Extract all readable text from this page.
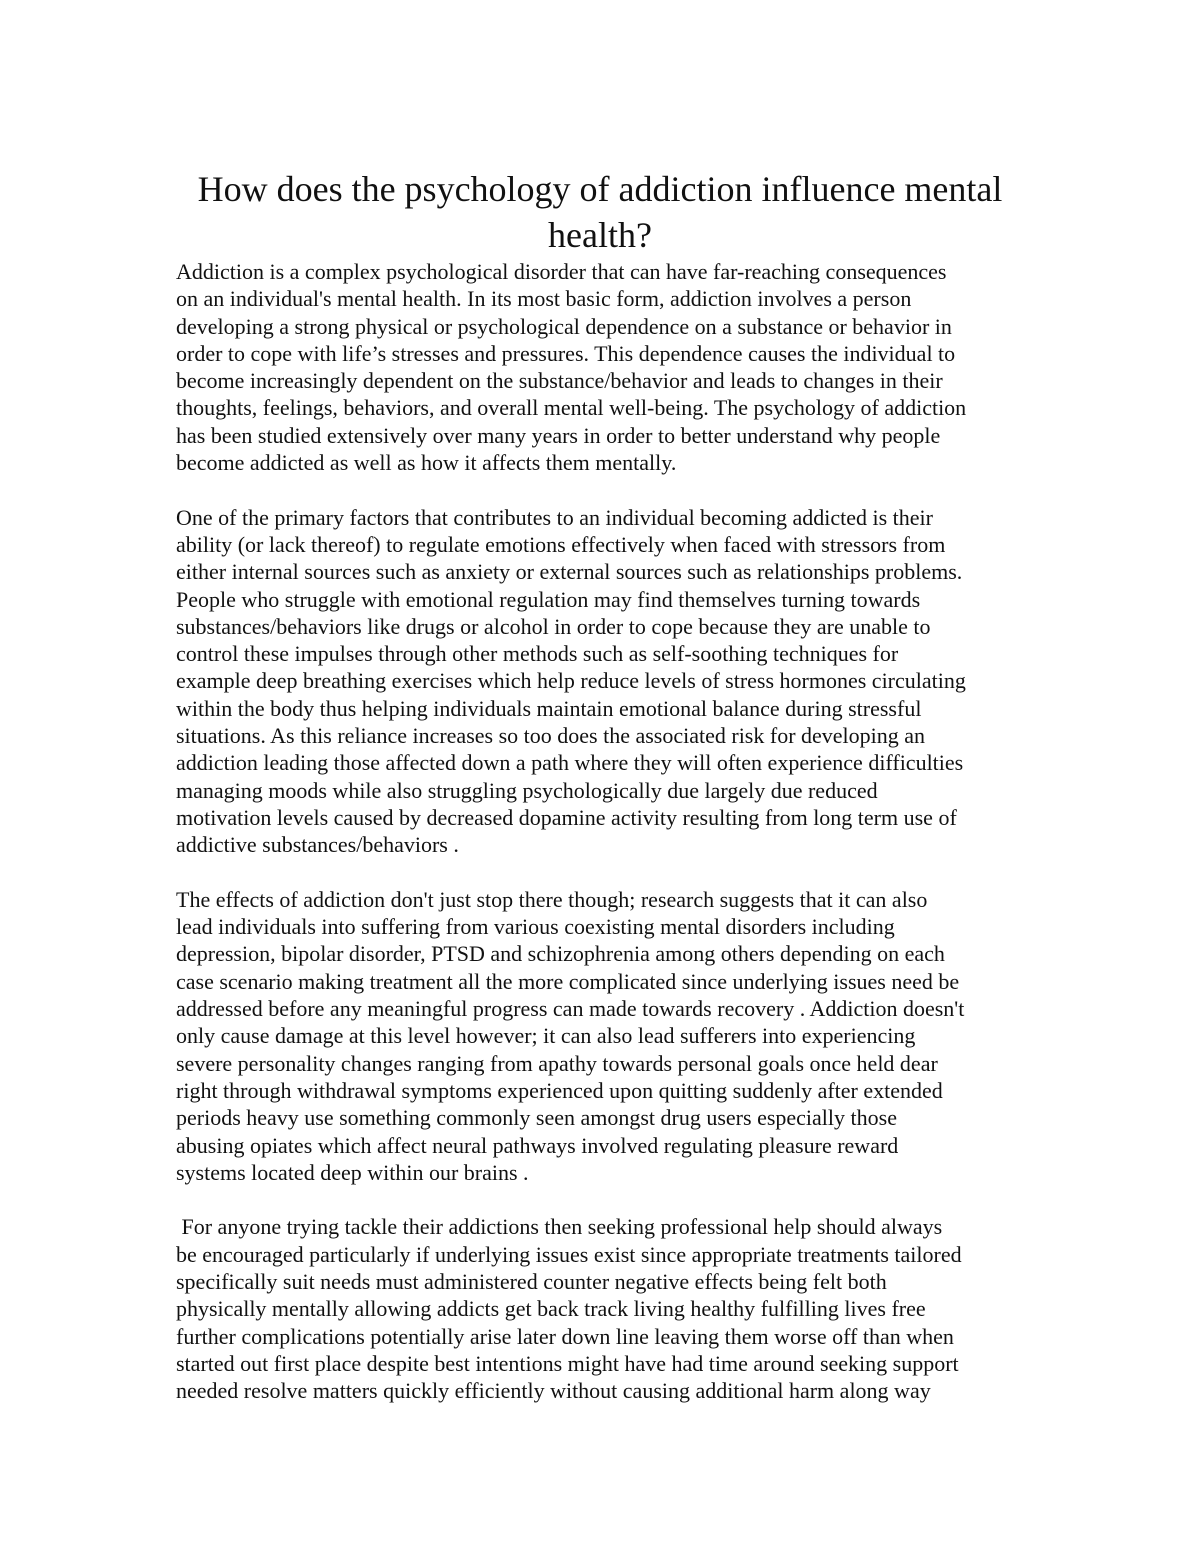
How does the psychology of addiction influence mental
health?
Addiction is a complex psychological disorder that can have far-reaching consequences
on an individual's mental health. In its most basic form, addiction involves a person
developing a strong physical or psychological dependence on a substance or behavior in
order to cope with life’s stresses and pressures. This dependence causes the individual to
become increasingly dependent on the substance/behavior and leads to changes in their
thoughts, feelings, behaviors, and overall mental well-being. The psychology of addiction
has been studied extensively over many years in order to better understand why people
become addicted as well as how it affects them mentally.
One of the primary factors that contributes to an individual becoming addicted is their
ability (or lack thereof) to regulate emotions effectively when faced with stressors from
either internal sources such as anxiety or external sources such as relationships problems.
People who struggle with emotional regulation may find themselves turning towards
substances/behaviors like drugs or alcohol in order to cope because they are unable to
control these impulses through other methods such as self-soothing techniques for
example deep breathing exercises which help reduce levels of stress hormones circulating
within the body thus helping individuals maintain emotional balance during stressful
situations. As this reliance increases so too does the associated risk for developing an
addiction leading those affected down a path where they will often experience difficulties
managing moods while also struggling psychologically due largely due reduced
motivation levels caused by decreased dopamine activity resulting from long term use of
addictive substances/behaviors .
The effects of addiction don't just stop there though; research suggests that it can also
lead individuals into suffering from various coexisting mental disorders including
depression, bipolar disorder, PTSD and schizophrenia among others depending on each
case scenario making treatment all the more complicated since underlying issues need be
addressed before any meaningful progress can made towards recovery . Addiction doesn't
only cause damage at this level however; it can also lead sufferers into experiencing
severe personality changes ranging from apathy towards personal goals once held dear
right through withdrawal symptoms experienced upon quitting suddenly after extended
periods heavy use something commonly seen amongst drug users especially those
abusing opiates which affect neural pathways involved regulating pleasure reward
systems located deep within our brains .
For anyone trying tackle their addictions then seeking professional help should always
be encouraged particularly if underlying issues exist since appropriate treatments tailored
specifically suit needs must administered counter negative effects being felt both
physically mentally allowing addicts get back track living healthy fulfilling lives free
further complications potentially arise later down line leaving them worse off than when
started out first place despite best intentions might have had time around seeking support
needed resolve matters quickly efficiently without causing additional harm along way
